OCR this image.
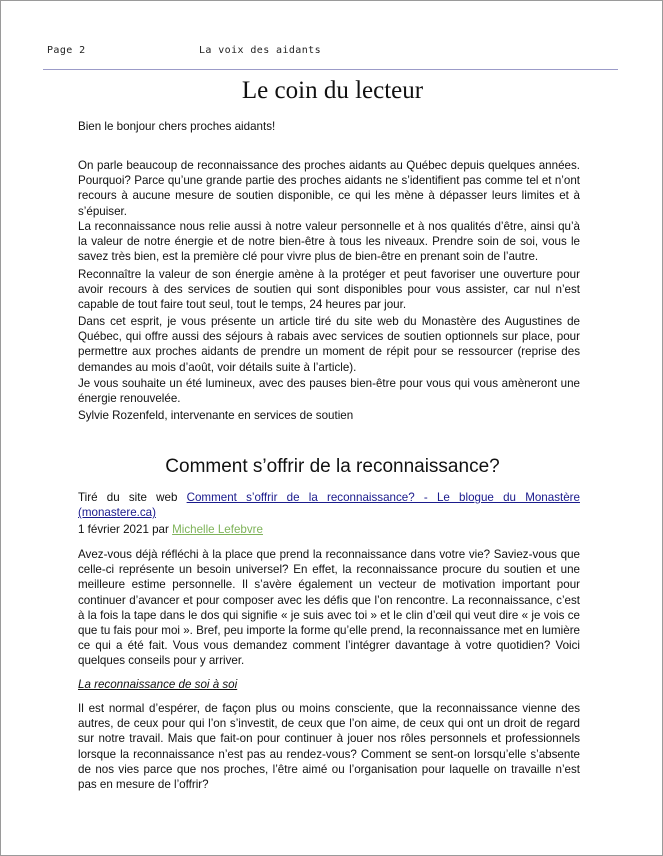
Page 2	La voix des aidants
Le coin du lecteur

Bien le bonjour chers proches aidants!

On parle beaucoup de reconnaissance des proches aidants au Québec depuis quelques années. Pourquoi? Parce qu’une grande partie des proches aidants ne s’identifient pas comme tel et n’ont recours à aucune mesure de soutien disponible, ce qui les mène à dépasser leurs limites et à s’épuiser.

La reconnaissance nous relie aussi à notre valeur personnelle et à nos qualités d’être, ainsi qu’à la valeur de notre énergie et de notre bien-être à tous les niveaux. Prendre soin de soi, vous le savez très bien, est la première clé pour vivre plus de bien-être en prenant soin de l’autre.

Reconnaître la valeur de son énergie amène à la protéger et peut favoriser une ouverture pour avoir recours à des services de soutien qui sont disponibles pour vous assister, car nul n’est capable de tout faire tout seul, tout le temps, 24 heures par jour.

Dans cet esprit, je vous présente un article tiré du site web du Monastère des Augustines de Québec, qui offre aussi des séjours à rabais avec services de soutien optionnels sur place, pour permettre aux proches aidants de prendre un moment de répit pour se ressourcer (reprise des demandes au mois d’août, voir détails suite à l’article).

Je vous souhaite un été lumineux, avec des pauses bien-être pour vous qui vous amèneront une énergie renouvelée.

Sylvie Rozenfeld, intervenante en services de soutien

Comment s’offrir de la reconnaissance?
Tiré du site web Comment s’offrir de la reconnaissance? - Le blogue du Monastère (monastere.ca)
1 février 2021 par Michelle Lefebvre

Avez-vous déjà réfléchi à la place que prend la reconnaissance dans votre vie? Saviez-vous que celle-ci représente un besoin universel? En effet, la reconnaissance procure du soutien et une meilleure estime personnelle. Il s’avère également un vecteur de motivation important pour continuer d’avancer et pour composer avec les défis que l’on rencontre. La reconnaissance, c’est à la fois la tape dans le dos qui signifie « je suis avec toi » et le clin d’œil qui veut dire « je vois ce que tu fais pour moi ». Bref, peu importe la forme qu’elle prend, la reconnaissance met en lumière ce qui a été fait. Vous vous demandez comment l’intégrer davantage à votre quotidien? Voici quelques conseils pour y arriver.

La reconnaissance de soi à soi

Il est normal d’espérer, de façon plus ou moins consciente, que la reconnaissance vienne des autres, de ceux pour qui l’on s’investit, de ceux que l’on aime, de ceux qui ont un droit de regard sur notre travail. Mais que fait-on pour continuer à jouer nos rôles personnels et professionnels lorsque la reconnaissance n’est pas au rendez-vous? Comment se sent-on lorsqu’elle s’absente de nos vies parce que nos proches, l’être aimé ou l’organisation pour laquelle on travaille n’est pas en mesure de l’offrir?
